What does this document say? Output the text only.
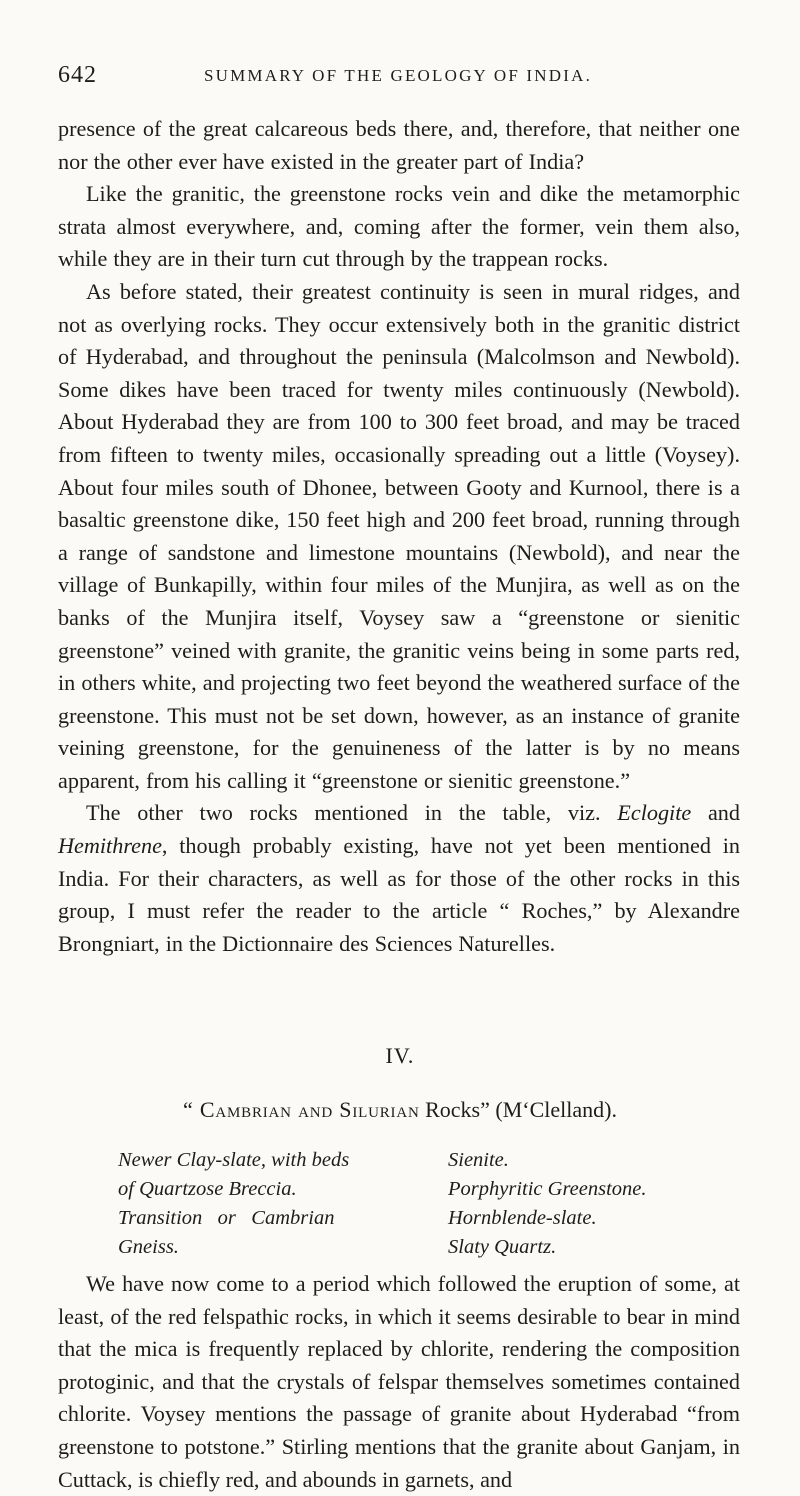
642	SUMMARY OF THE GEOLOGY OF INDIA.

presence of the great calcareous beds there, and, therefore, that neither one nor the other ever have existed in the greater part of India?

Like the granitic, the greenstone rocks vein and dike the metamorphic strata almost everywhere, and, coming after the former, vein them also, while they are in their turn cut through by the trappean rocks.

As before stated, their greatest continuity is seen in mural ridges, and not as overlying rocks. They occur extensively both in the granitic district of Hyderabad, and throughout the peninsula (Malcolmson and Newbold). Some dikes have been traced for twenty miles continuously (Newbold). About Hyderabad they are from 100 to 300 feet broad, and may be traced from fifteen to twenty miles, occasionally spreading out a little (Voysey). About four miles south of Dhonee, between Gooty and Kurnool, there is a basaltic greenstone dike, 150 feet high and 200 feet broad, running through a range of sandstone and limestone mountains (Newbold), and near the village of Bunkapilly, within four miles of the Munjira, as well as on the banks of the Munjira itself, Voysey saw a “greenstone or sienitic greenstone” veined with granite, the granitic veins being in some parts red, in others white, and projecting two feet beyond the weathered surface of the greenstone. This must not be set down, however, as an instance of granite veining greenstone, for the genuineness of the latter is by no means apparent, from his calling it “greenstone or sienitic greenstone.”

The other two rocks mentioned in the table, viz. Eclogite and Hemithrene, though probably existing, have not yet been mentioned in India. For their characters, as well as for those of the other rocks in this group, I must refer the reader to the article “ Roches,” by Alexandre Brongniart, in the Dictionnaire des Sciences Naturelles.

IV.
“ Cambrian and Silurian Rocks” (M‘Clelland).
Newer Clay-slate, with beds
of Quartzose Breccia.
Transition   or   Cambrian
Gneiss.
Sienite.
Porphyritic Greenstone.
Hornblende-slate.
Slaty Quartz.

We have now come to a period which followed the eruption of some, at least, of the red felspathic rocks, in which it seems desirable to bear in mind that the mica is frequently replaced by chlorite, rendering the composition protoginic, and that the crystals of felspar themselves sometimes contained chlorite. Voysey mentions the passage of granite about Hyderabad “from greenstone to potstone.” Stirling mentions that the granite about Ganjam, in Cuttack, is chiefly red, and abounds in garnets, and
